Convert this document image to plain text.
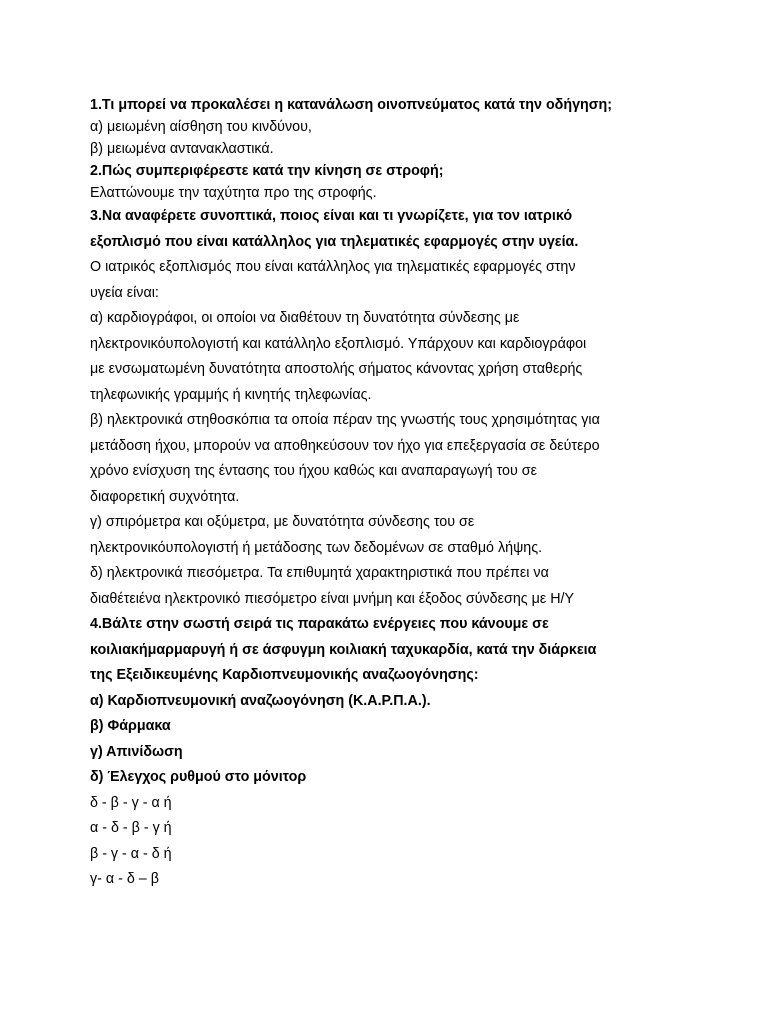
1.Τι μπορεί να προκαλέσει η κατανάλωση οινοπνεύματος κατά την οδήγηση;
α) μειωμένη αίσθηση του κινδύνου,
β) μειωμένα αντανακλαστικά.
2.Πώς συμπεριφέρεστε κατά την κίνηση σε στροφή;
Ελαττώνουμε την ταχύτητα προ της στροφής.
3.Να αναφέρετε συνοπτικά, ποιος είναι και τι γνωρίζετε, για τον ιατρικό
εξοπλισμό που είναι κατάλληλος για τηλεματικές εφαρμογές στην υγεία.
Ο ιατρικός εξοπλισμός που είναι κατάλληλος για τηλεματικές εφαρμογές στην
υγεία είναι:
α) καρδιογράφοι, οι οποίοι να διαθέτουν τη δυνατότητα σύνδεσης με
ηλεκτρονικόυπολογιστή και κατάλληλο εξοπλισμό. Υπάρχουν και καρδιογράφοι
με ενσωματωμένη δυνατότητα αποστολής σήματος κάνοντας χρήση σταθερής
τηλεφωνικής γραμμής ή κινητής τηλεφωνίας.
β) ηλεκτρονικά στηθοσκόπια τα οποία πέραν της γνωστής τους χρησιμότητας για
μετάδοση ήχου, μπορούν να αποθηκεύσουν τον ήχο για επεξεργασία σε δεύτερο
χρόνο ενίσχυση της έντασης του ήχου καθώς και αναπαραγωγή του σε
διαφορετική συχνότητα.
γ) σπιρόμετρα και οξύμετρα, με δυνατότητα σύνδεσης του σε
ηλεκτρονικόυπολογιστή ή μετάδοσης των δεδομένων σε σταθμό λήψης.
δ) ηλεκτρονικά πιεσόμετρα. Τα επιθυμητά χαρακτηριστικά που πρέπει να
διαθέτειένα ηλεκτρονικό πιεσόμετρο είναι μνήμη και έξοδος σύνδεσης με Η/Υ
4.Βάλτε στην σωστή σειρά τις παρακάτω ενέργειες που κάνουμε σε
κοιλιακήμαρμαρυγή ή σε άσφυγμη κοιλιακή ταχυκαρδία, κατά την διάρκεια
της Εξειδικευμένης Καρδιοπνευμονικής αναζωογόνησης:
α) Καρδιοπνευμονική αναζωογόνηση (Κ.Α.Ρ.Π.Α.).
β) Φάρμακα
γ) Απινίδωση
δ) Έλεγχος ρυθμού στο μόνιτορ
δ - β - γ - α ή
α - δ - β - γ ή
β - γ - α - δ ή
γ- α - δ – β
